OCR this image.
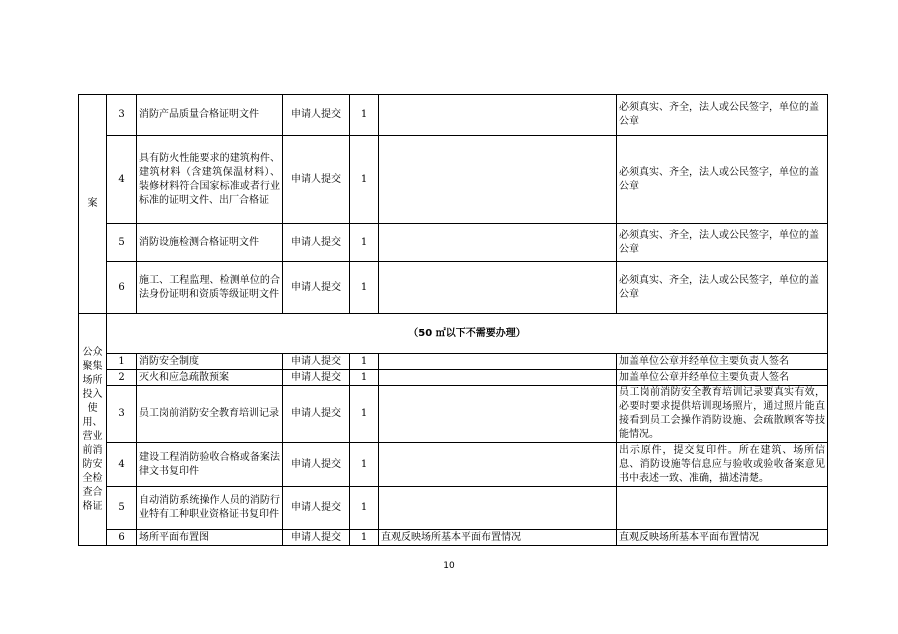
案	3	消防产品质量合格证明文件	申请人提交	1		必须真实、齐全，法人或公民签字，单位的盖公章
	4	具有防火性能要求的建筑构件、建筑材料（含建筑保温材料）、装修材料符合国家标准或者行业标准的证明文件、出厂合格证	申请人提交	1		必须真实、齐全，法人或公民签字，单位的盖公章
	5	消防设施检测合格证明文件	申请人提交	1		必须真实、齐全，法人或公民签字，单位的盖公章
	6	施工、工程监理、检测单位的合法身份证明和资质等级证明文件	申请人提交	1		必须真实、齐全，法人或公民签字，单位的盖公章
公众聚集场所投入使用、营业前消防安全检查合格证	（50 ㎡以下不需要办理）					
	1	消防安全制度	申请人提交	1		加盖单位公章并经单位主要负责人签名
	2	灭火和应急疏散预案	申请人提交	1		加盖单位公章并经单位主要负责人签名
	3	员工岗前消防安全教育培训记录	申请人提交	1		员工岗前消防安全教育培训记录要真实有效，必要时要求提供培训现场照片，通过照片能直接看到员工会操作消防设施、会疏散顾客等技能情况。
	4	建设工程消防验收合格或备案法律文书复印件	申请人提交	1		出示原件，提交复印件。所在建筑、场所信息、消防设施等信息应与验收或验收备案意见书中表述一致、准确，描述清楚。
	5	自动消防系统操作人员的消防行业特有工种职业资格证书复印件	申请人提交	1		
	6	场所平面布置图	申请人提交	1	直观反映场所基本平面布置情况	直观反映场所基本平面布置情况
10
